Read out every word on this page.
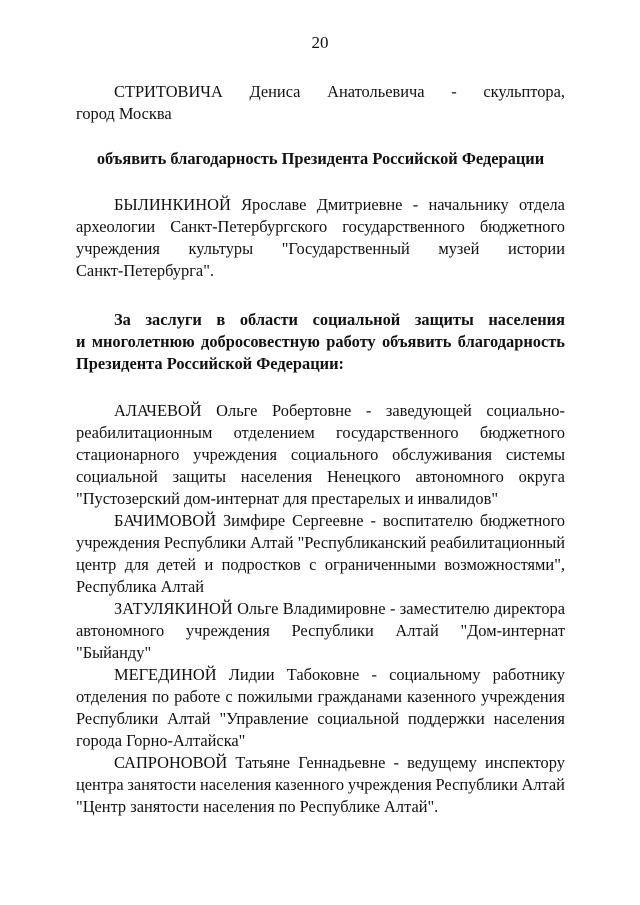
20
СТРИТОВИЧА Дениса Анатольевича - скульптора,
город Москва
объявить благодарность Президента Российской Федерации
БЫЛИНКИНОЙ Ярославе Дмитриевне - начальнику отдела
археологии Санкт-Петербургского государственного бюджетного
учреждения культуры "Государственный музей истории
Санкт-Петербурга".
За заслуги в области социальной защиты населения
и многолетнюю добросовестную работу объявить благодарность
Президента Российской Федерации:
АЛАЧЕВОЙ Ольге Робертовне - заведующей социально-
реабилитационным отделением государственного бюджетного
стационарного учреждения социального обслуживания системы
социальной защиты населения Ненецкого автономного округа
"Пустозерский дом-интернат для престарелых и инвалидов"
БАЧИМОВОЙ Зимфире Сергеевне - воспитателю бюджетного
учреждения Республики Алтай "Республиканский реабилитационный
центр для детей и подростков с ограниченными возможностями",
Республика Алтай
ЗАТУЛЯКИНОЙ Ольге Владимировне - заместителю директора
автономного учреждения Республики Алтай "Дом-интернат
"Быйанду"
МЕГЕДИНОЙ Лидии Табоковне - социальному работнику
отделения по работе с пожилыми гражданами казенного учреждения
Республики Алтай "Управление социальной поддержки населения
города Горно-Алтайска"
САПРОНОВОЙ Татьяне Геннадьевне - ведущему инспектору
центра занятости населения казенного учреждения Республики Алтай
"Центр занятости населения по Республике Алтай".
